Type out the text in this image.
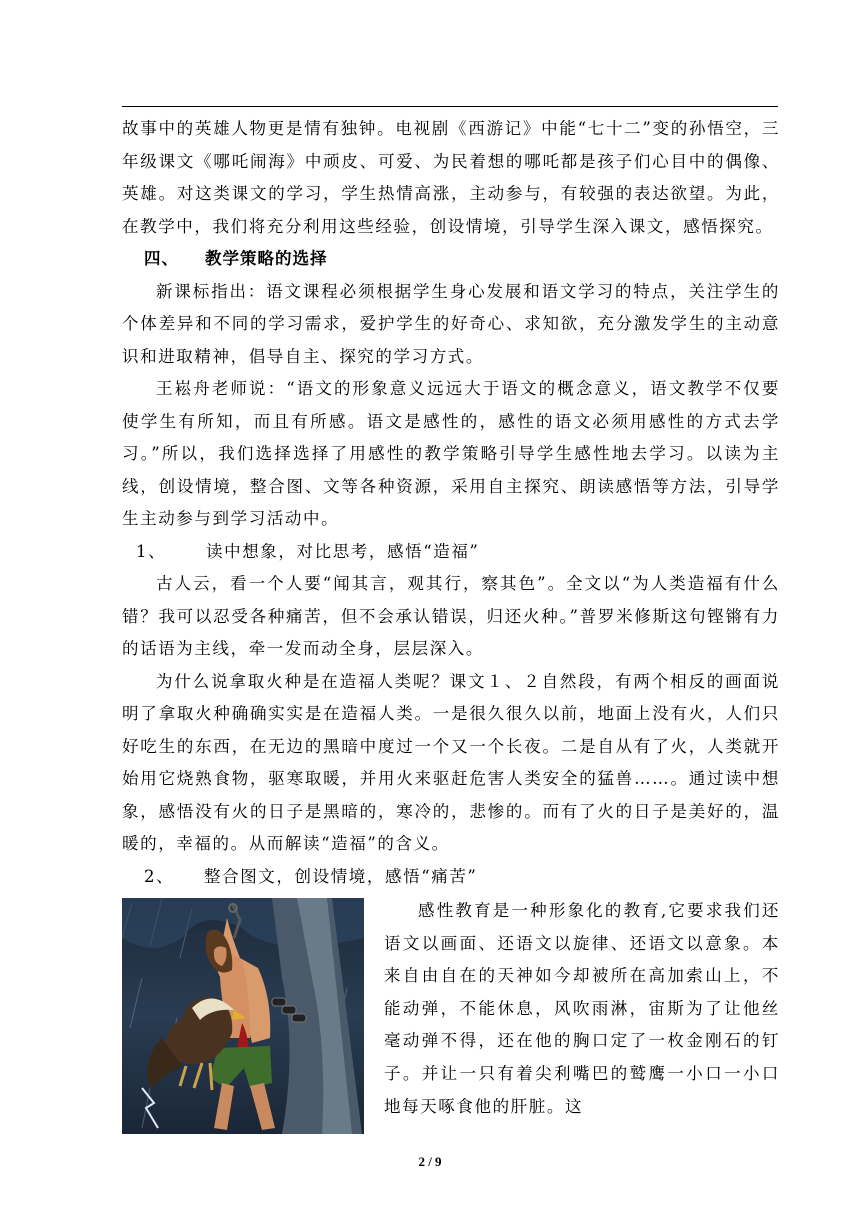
故事中的英雄人物更是情有独钟。电视剧《西游记》中能“七十二”变的孙悟空，三年级课文《哪吒闹海》中顽皮、可爱、为民着想的哪吒都是孩子们心目中的偶像、英雄。对这类课文的学习，学生热情高涨，主动参与，有较强的表达欲望。为此，在教学中，我们将充分利用这些经验，创设情境，引导学生深入课文，感悟探究。

四、 教学策略的选择

新课标指出：语文课程必须根据学生身心发展和语文学习的特点，关注学生的个体差异和不同的学习需求，爱护学生的好奇心、求知欲，充分激发学生的主动意识和进取精神，倡导自主、探究的学习方式。

王崧舟老师说：“语文的形象意义远远大于语文的概念意义，语文教学不仅要使学生有所知，而且有所感。语文是感性的，感性的语文必须用感性的方式去学习。”所以，我们选择选择了用感性的教学策略引导学生感性地去学习。以读为主线，创设情境，整合图、文等各种资源，采用自主探究、朗读感悟等方法，引导学生主动参与到学习活动中。

1、 读中想象，对比思考，感悟“造福”

古人云，看一个人要“闻其言，观其行，察其色”。全文以“为人类造福有什么错？我可以忍受各种痛苦，但不会承认错误，归还火种。”普罗米修斯这句铿锵有力的话语为主线，牵一发而动全身，层层深入。

为什么说拿取火种是在造福人类呢？课文１、２自然段，有两个相反的画面说明了拿取火种确确实实是在造福人类。一是很久很久以前，地面上没有火，人们只好吃生的东西，在无边的黑暗中度过一个又一个长夜。二是自从有了火，人类就开始用它烧熟食物，驱寒取暖，并用火来驱赶危害人类安全的猛兽……。通过读中想象，感悟没有火的日子是黑暗的，寒冷的，悲惨的。而有了火的日子是美好的，温暖的，幸福的。从而解读“造福”的含义。

2、 整合图文，创设情境，感悟“痛苦”

感性教育是一种形象化的教育,它要求我们还语文以画面、还语文以旋律、还语文以意象。本来自由自在的天神如今却被所在高加索山上，不能动弹，不能休息，风吹雨淋，宙斯为了让他丝毫动弹不得，还在他的胸口定了一枚金刚石的钉子。并让一只有着尖利嘴巴的鹫鹰一小口一小口地每天啄食他的肝脏。这

2 / 9
